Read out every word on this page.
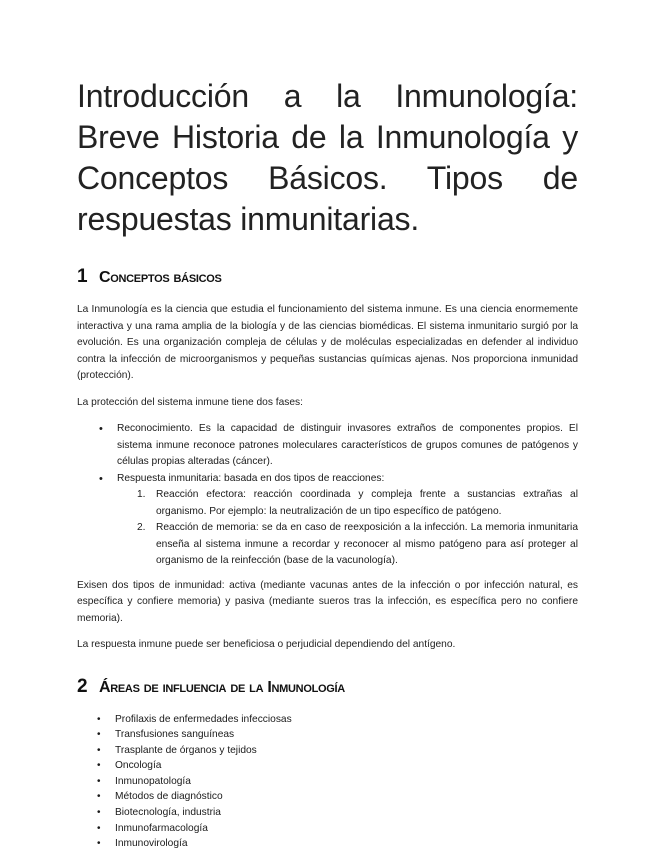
Introducción a la Inmunología: Breve Historia de la Inmunología y Conceptos Básicos. Tipos de respuestas inmunitarias.
1 Conceptos básicos

La Inmunología es la ciencia que estudia el funcionamiento del sistema inmune. Es una ciencia enormemente interactiva y una rama amplia de la biología y de las ciencias biomédicas. El sistema inmunitario surgió por la evolución. Es una organización compleja de células y de moléculas especializadas en defender al individuo contra la infección de microorganismos y pequeñas sustancias químicas ajenas. Nos proporciona inmunidad (protección).

La protección del sistema inmune tiene dos fases:

• Reconocimiento. Es la capacidad de distinguir invasores extraños de componentes propios. El sistema inmune reconoce patrones moleculares característicos de grupos comunes de patógenos y células propias alteradas (cáncer).
• Respuesta inmunitaria: basada en dos tipos de reacciones:
1. Reacción efectora: reacción coordinada y compleja frente a sustancias extrañas al organismo. Por ejemplo: la neutralización de un tipo específico de patógeno.
2. Reacción de memoria: se da en caso de reexposición a la infección. La memoria inmunitaria enseña al sistema inmune a recordar y reconocer al mismo patógeno para así proteger al organismo de la reinfección (base de la vacunología).

Exisen dos tipos de inmunidad: activa (mediante vacunas antes de la infección o por infección natural, es específica y confiere memoria) y pasiva (mediante sueros tras la infección, es específica pero no confiere memoria).

La respuesta inmune puede ser beneficiosa o perjudicial dependiendo del antígeno.

2 Áreas de influencia de la Inmunología
• Profilaxis de enfermedades infecciosas
• Transfusiones sanguíneas
• Trasplante de órganos y tejidos
• Oncología
• Inmunopatología
• Métodos de diagnóstico
• Biotecnología, industria
• Inmunofarmacología
• Inmunovirología
